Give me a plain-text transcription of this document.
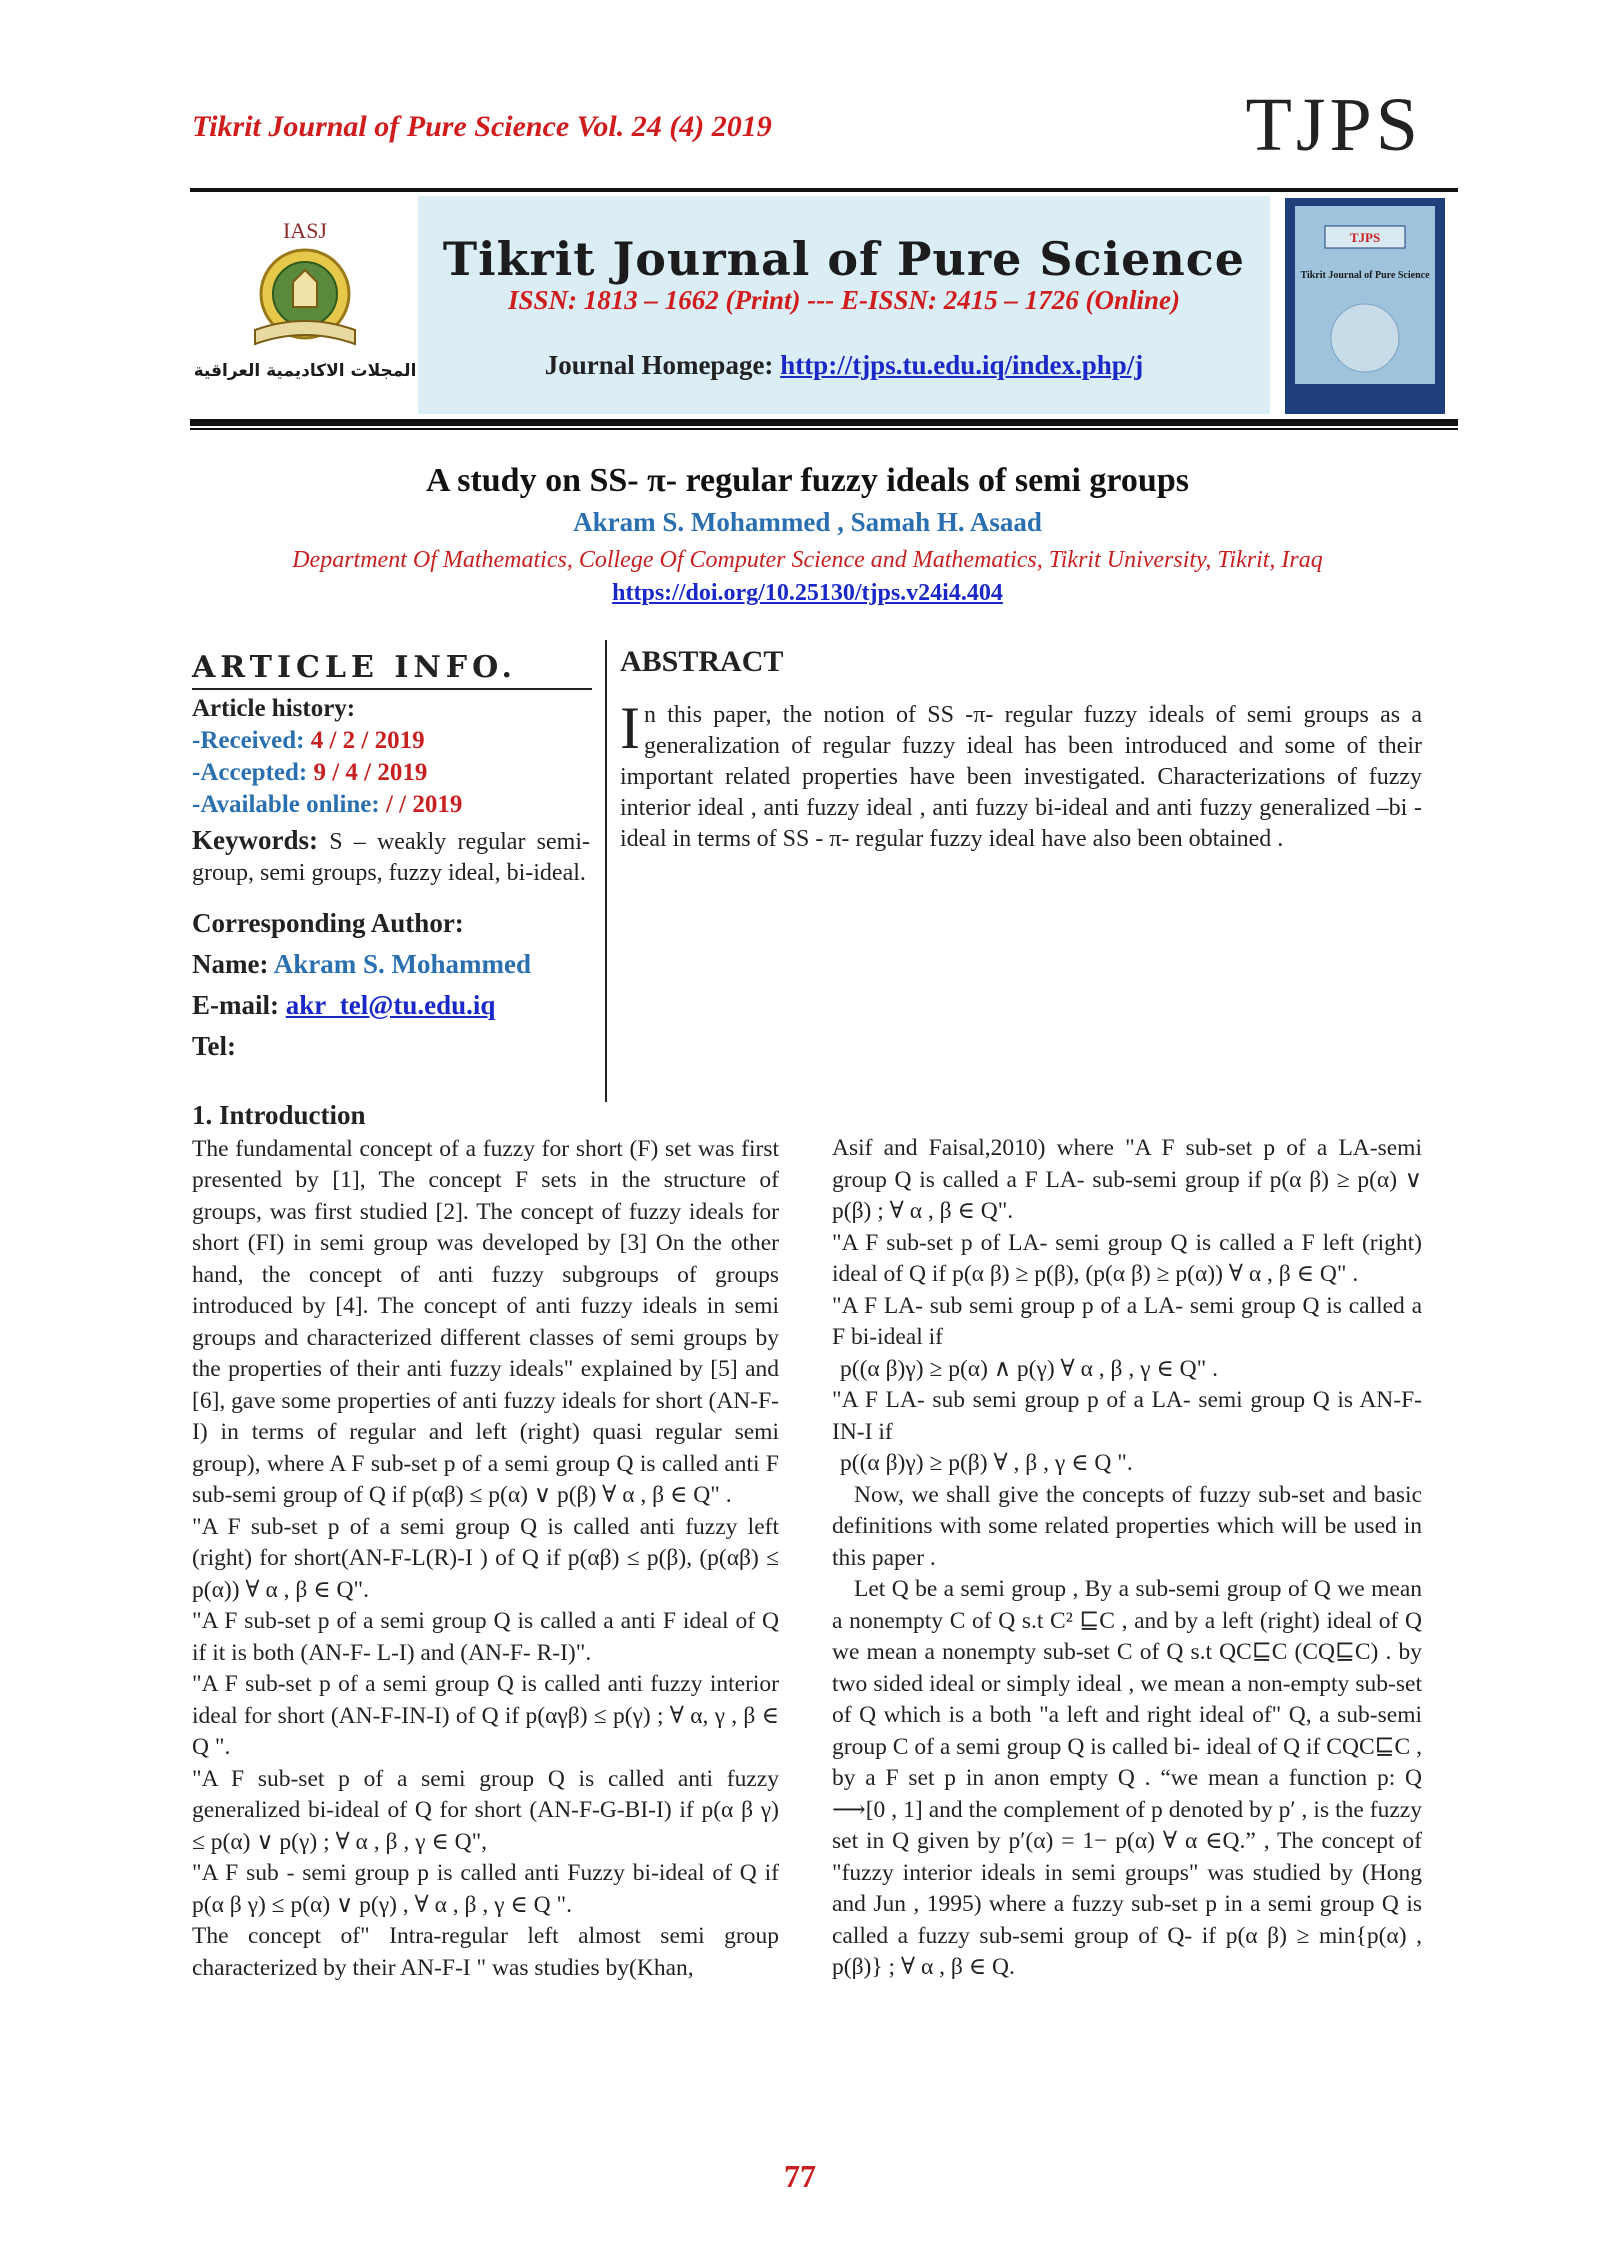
Tikrit Journal of Pure Science Vol. 24 (4) 2019	TJPS
IASJ
المجلات الاكاديمية العراقية
Tikrit Journal of Pure Science
ISSN: 1813 – 1662 (Print) --- E-ISSN: 2415 – 1726 (Online)
Journal Homepage: http://tjps.tu.edu.iq/index.php/j
TJPS
Tikrit Journal of Pure Science
A study on SS- π- regular fuzzy ideals of semi groups
Akram S. Mohammed , Samah H. Asaad
Department Of Mathematics, College Of Computer Science and Mathematics, Tikrit University, Tikrit, Iraq
https://doi.org/10.25130/tjps.v24i4.404
ARTICLE INFO.
Article history:
-Received: 4 / 2 / 2019
-Accepted: 9 / 4 / 2019
-Available online: / / 2019
Keywords: S – weakly regular semi-group, semi groups, fuzzy ideal, bi-ideal.
Corresponding Author:
Name: Akram S. Mohammed
E-mail: akr_tel@tu.edu.iq
Tel:
ABSTRACT
In this paper, the notion of SS -π- regular fuzzy ideals of semi groups as a generalization of regular fuzzy ideal has been introduced and some of their important related properties have been investigated. Characterizations of fuzzy interior ideal , anti fuzzy ideal , anti fuzzy bi-ideal and anti fuzzy generalized –bi -ideal in terms of SS - π- regular fuzzy ideal have also been obtained .
1. Introduction

The fundamental concept of a fuzzy for short (F) set was first presented by [1], The concept F sets in the structure of groups, was first studied [2]. The concept of fuzzy ideals for short (FI) in semi group was developed by [3] On the other hand, the concept of anti fuzzy subgroups of groups introduced by [4]. The concept of anti fuzzy ideals in semi groups and characterized different classes of semi groups by the properties of their anti fuzzy ideals" explained by [5] and [6], gave some properties of anti fuzzy ideals for short (AN-F-I) in terms of regular and left (right) quasi regular semi group), where A F sub-set p of a semi group Q is called anti F sub-semi group of Q if p(αβ) ≤ p(α) ∨ p(β) ∀ α , β ∈ Q" .

"A F sub-set p of a semi group Q is called anti fuzzy left (right) for short(AN-F-L(R)-I ) of Q if p(αβ) ≤ p(β), (p(αβ) ≤ p(α)) ∀ α , β ∈ Q".

"A F sub-set p of a semi group Q is called a anti F ideal of Q if it is both (AN-F- L-I) and (AN-F- R-I)".

"A F sub-set p of a semi group Q is called anti fuzzy interior ideal for short (AN-F-IN-I) of Q if p(αγβ) ≤ p(γ) ; ∀ α, γ , β ∈ Q ".

"A F sub-set p of a semi group Q is called anti fuzzy generalized bi-ideal of Q for short (AN-F-G-BI-I) if p(α β γ) ≤ p(α) ∨ p(γ) ; ∀ α , β , γ ∈ Q",

"A F sub - semi group p is called anti Fuzzy bi-ideal of Q if p(α β γ) ≤ p(α) ∨ p(γ) , ∀ α , β , γ ∈ Q ".

The concept of" Intra-regular left almost semi group characterized by their AN-F-I " was studies by(Khan,

Asif and Faisal,2010) where "A F sub-set p of a LA-semi group Q is called a F LA- sub-semi group if p(α β) ≥ p(α) ∨ p(β) ; ∀ α , β ∈ Q".

"A F sub-set p of LA- semi group Q is called a F left (right) ideal of Q if p(α β) ≥ p(β), (p(α β) ≥ p(α)) ∀ α , β ∈ Q" .

"A F LA- sub semi group p of a LA- semi group Q is called a F bi-ideal if

p((α β)γ) ≥ p(α) ∧ p(γ) ∀ α , β , γ ∈ Q" .

"A F LA- sub semi group p of a LA- semi group Q is AN-F-IN-I if

p((α β)γ) ≥ p(β) ∀ , β , γ ∈ Q ".

Now, we shall give the concepts of fuzzy sub-set and basic definitions with some related properties which will be used in this paper .

Let Q be a semi group , By a sub-semi group of Q we mean a nonempty C of Q s.t C² ⊑C , and by a left (right) ideal of Q we mean a nonempty sub-set C of Q s.t QC⊑C (CQ⊑C) . by two sided ideal or simply ideal , we mean a non-empty sub-set of Q which is a both "a left and right ideal of" Q, a sub-semi group C of a semi group Q is called bi- ideal of Q if CQC⊑C , by a F set p in anon empty Q . “we mean a function p: Q ⟶[0 , 1] and the complement of p denoted by p′ , is the fuzzy set in Q given by p′(α) = 1− p(α) ∀ α ∈Q.” , The concept of "fuzzy interior ideals in semi groups" was studied by (Hong and Jun , 1995) where a fuzzy sub-set p in a semi group Q is called a fuzzy sub-semi group of Q- if p(α β) ≥ min{p(α) , p(β)} ; ∀ α , β ∈ Q.

77
